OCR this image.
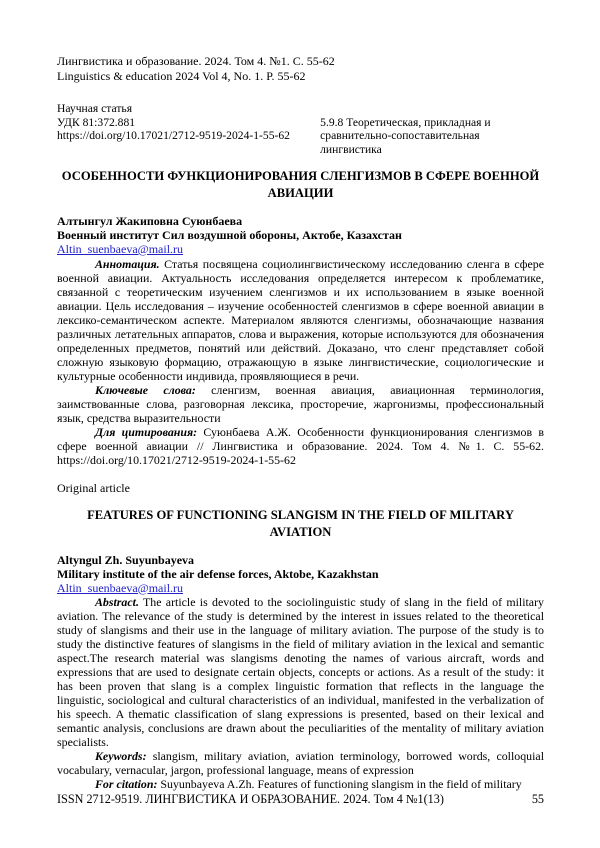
Лингвистика и образование. 2024. Том 4. №1. С. 55-62

Linguistics & education 2024 Vol 4, No. 1. P. 55-62

Научная статья

УДК 81:372.881

https://doi.org/10.17021/2712-9519-2024-1-55-62

5.9.8 Теоретическая, прикладная и

сравнительно-сопоставительная лингвистика

ОСОБЕННОСТИ ФУНКЦИОНИРОВАНИЯ СЛЕНГИЗМОВ В СФЕРЕ ВОЕННОЙ АВИАЦИИ

Алтынгул Жакиповна Суюнбаева

Военный институт Сил воздушной обороны, Актобе, Казахстан

Altin_suenbaeva@mail.ru

Аннотация. Статья посвящена социолингвистическому исследованию сленга в сфере военной авиации. Актуальность исследования определяется интересом к проблематике, связанной с теоретическим изучением сленгизмов и их использованием в языке военной авиации. Цель исследования – изучение особенностей сленгизмов в сфере военной авиации в лексико-семантическом аспекте. Материалом являются сленгизмы, обозначающие названия различных летательных аппаратов, слова и выражения, которые используются для обозначения определенных предметов, понятий или действий. Доказано, что сленг представляет собой сложную языковую формацию, отражающую в языке лингвистические, социологические и культурные особенности индивида, проявляющиеся в речи.

Ключевые слова: сленгизм, военная авиация, авиационная терминология, заимствованные слова, разговорная лексика, просторечие, жаргонизмы, профессиональный язык, средства выразительности

Для цитирования: Суюнбаева А.Ж. Особенности функционирования сленгизмов в сфере военной авиации // Лингвистика и образование. 2024. Том 4. №1. С. 55-62. https://doi.org/10.17021/2712-9519-2024-1-55-62

Original article

FEATURES OF FUNCTIONING SLANGISM IN THE FIELD OF MILITARY AVIATION

Altyngul Zh. Suyunbayeva

Military institute of the air defense forces, Aktobe, Kazakhstan

Altin_suenbaeva@mail.ru

Abstract. The article is devoted to the sociolinguistic study of slang in the field of military aviation. The relevance of the study is determined by the interest in issues related to the theoretical study of slangisms and their use in the language of military aviation. The purpose of the study is to study the distinctive features of slangisms in the field of military aviation in the lexical and semantic aspect.The research material was slangisms denoting the names of various aircraft, words and expressions that are used to designate certain objects, concepts or actions. As a result of the study: it has been proven that slang is a complex linguistic formation that reflects in the language the linguistic, sociological and cultural characteristics of an individual, manifested in the verbalization of his speech. A thematic classification of slang expressions is presented, based on their lexical and semantic analysis, conclusions are drawn about the peculiarities of the mentality of military aviation specialists.

Keywords: slangism, military aviation, aviation terminology, borrowed words, colloquial vocabulary, vernacular, jargon, professional language, means of expression

For citation: Suyunbayeva A.Zh. Features of functioning slangism in the field of military

ISSN 2712-9519. ЛИНГВИСТИКА И ОБРАЗОВАНИЕ. 2024. Том 4 №1(13)	55
